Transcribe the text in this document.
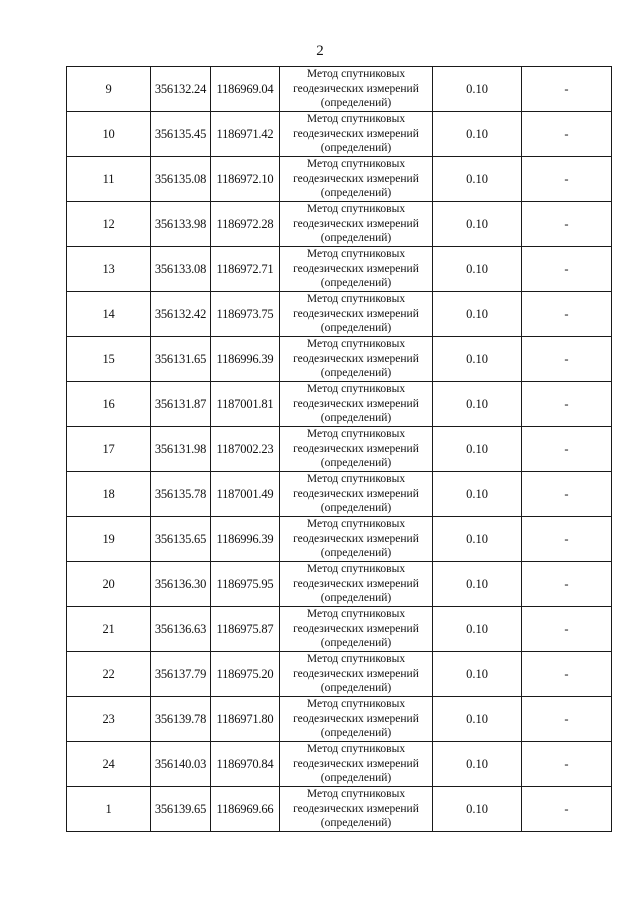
2
9	356132.24	1186969.04	Метод спутниковых
геодезических измерений
(определений)	0.10	-
10	356135.45	1186971.42	Метод спутниковых
геодезических измерений
(определений)	0.10	-
11	356135.08	1186972.10	Метод спутниковых
геодезических измерений
(определений)	0.10	-
12	356133.98	1186972.28	Метод спутниковых
геодезических измерений
(определений)	0.10	-
13	356133.08	1186972.71	Метод спутниковых
геодезических измерений
(определений)	0.10	-
14	356132.42	1186973.75	Метод спутниковых
геодезических измерений
(определений)	0.10	-
15	356131.65	1186996.39	Метод спутниковых
геодезических измерений
(определений)	0.10	-
16	356131.87	1187001.81	Метод спутниковых
геодезических измерений
(определений)	0.10	-
17	356131.98	1187002.23	Метод спутниковых
геодезических измерений
(определений)	0.10	-
18	356135.78	1187001.49	Метод спутниковых
геодезических измерений
(определений)	0.10	-
19	356135.65	1186996.39	Метод спутниковых
геодезических измерений
(определений)	0.10	-
20	356136.30	1186975.95	Метод спутниковых
геодезических измерений
(определений)	0.10	-
21	356136.63	1186975.87	Метод спутниковых
геодезических измерений
(определений)	0.10	-
22	356137.79	1186975.20	Метод спутниковых
геодезических измерений
(определений)	0.10	-
23	356139.78	1186971.80	Метод спутниковых
геодезических измерений
(определений)	0.10	-
24	356140.03	1186970.84	Метод спутниковых
геодезических измерений
(определений)	0.10	-
1	356139.65	1186969.66	Метод спутниковых
геодезических измерений
(определений)	0.10	-
